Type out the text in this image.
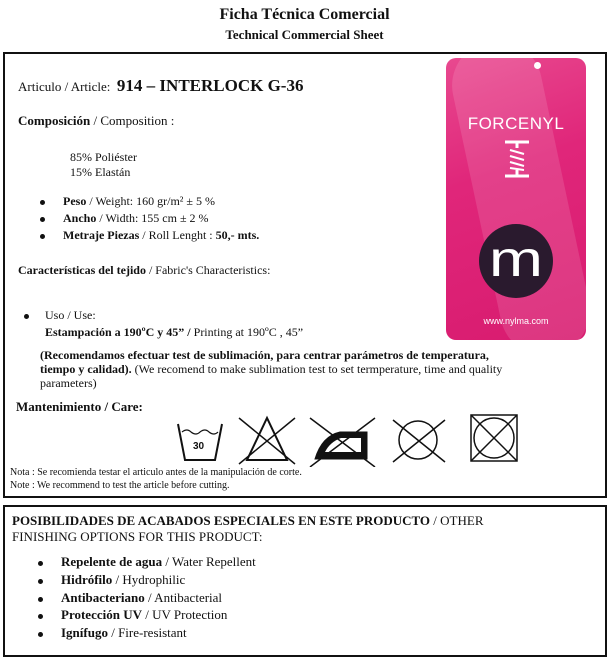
Ficha Técnica Comercial
Technical Commercial Sheet
Articulo / Article: 914 – INTERLOCK G-36
Composición / Composition :
85% Poliéster
15% Elastán
Peso / Weight: 160 gr/m² ± 5 %
Ancho / Width: 155 cm ± 2 %
Metraje Piezas / Roll Lenght : 50,- mts.
Características del tejido / Fabric's Characteristics:
Uso / Use:
Estampación a 190ºC y 45” / Printing at 190ºC , 45”
(Recomendamos efectuar test de sublimación, para centrar parámetros de temperatura,
tiempo y calidad). (We recomend to make sublimation test to set termperature, time and quality
parameters)
Mantenimiento / Care:
30
Nota : Se recomienda testar el articulo antes de la manipulación de corte.
Note : We recommend to test the article before cutting.
FORCENYL
m
www.nylma.com
POSIBILIDADES DE ACABADOS ESPECIALES EN ESTE PRODUCTO / OTHER
FINISHING OPTIONS FOR THIS PRODUCT:
Repelente de agua / Water Repellent
Hidrófilo / Hydrophilic
Antibacteriano / Antibacterial
Protección UV / UV Protection
Ignífugo / Fire-resistant
